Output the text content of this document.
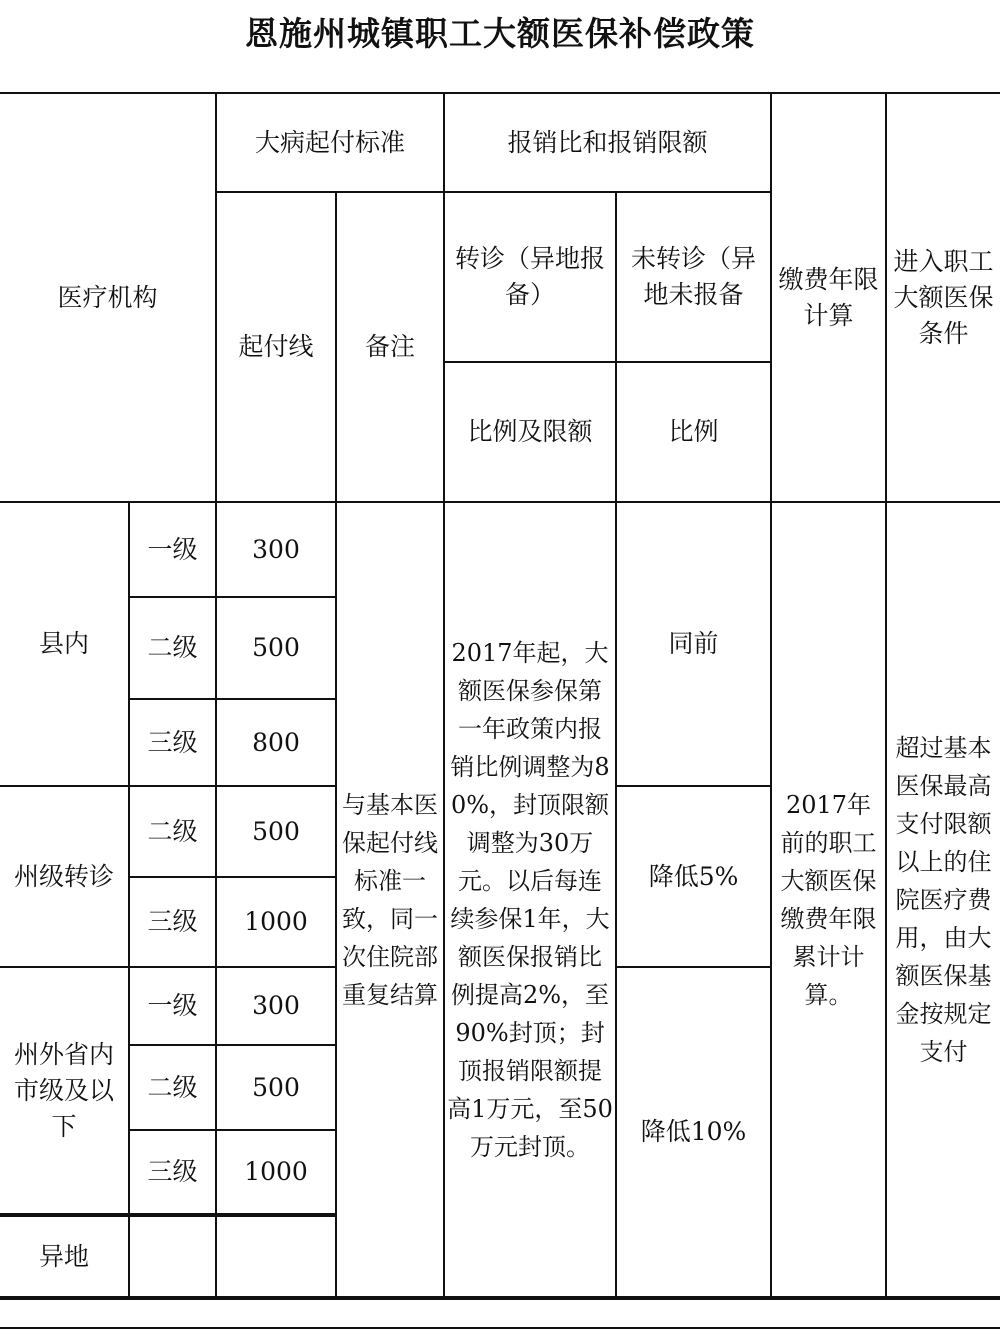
恩施州城镇职工大额医保补偿政策
医疗机构		大病起付标准		报销比和报销限额		缴费年限计算	进入职工大额医保条件
		起付线	备注	转诊（异地报备）	未转诊（异地未报备		
				比例及限额	比例		
县内	一级	300	与基本医保起付线标准一致，同一次住院部重复结算	2017年起，大额医保参保第一年政策内报销比例调整为80%，封顶限额调整为30万元。以后每连续参保1年，大额医保报销比例提高2%，至90%封顶；封顶报销限额提高1万元，至50万元封顶。	同前	2017年前的职工大额医保缴费年限累计计算。	超过基本医保最高支付限额以上的住院医疗费用，由大额医保基金按规定支付
	二级	500					
	三级	800					
州级转诊	二级	500			降低5%		
	三级	1000					
州外省内市级及以下	一级	300			降低10%		
	二级	500					
	三级	1000					
异地							
